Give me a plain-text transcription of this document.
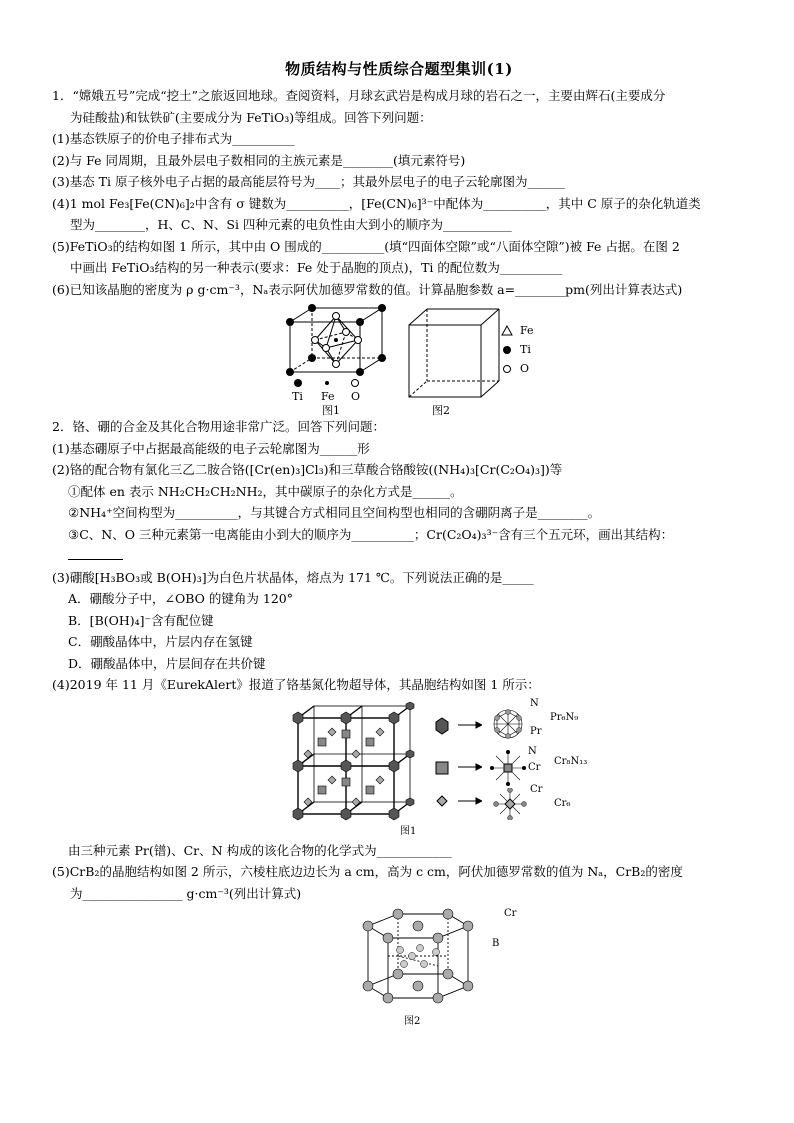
物质结构与性质综合题型集训(1)
1．“嫦娥五号”完成“挖土”之旅返回地球。查阅资料，月球玄武岩是构成月球的岩石之一，主要由辉石(主要成分
为硅酸盐)和钛铁矿(主要成分为 FeTiO₃)等组成。回答下列问题：
(1)基态铁原子的价电子排布式为__________
(2)与 Fe 同周期，且最外层电子数相同的主族元素是________(填元素符号)
(3)基态 Ti 原子核外电子占据的最高能层符号为____；其最外层电子的电子云轮廓图为______
(4)1 mol Fe₃[Fe(CN)₆]₂中含有 σ 键数为__________，[Fe(CN)₆]³⁻中配体为__________，其中 C 原子的杂化轨道类
型为________，H、C、N、Si 四种元素的电负性由大到小的顺序为___________
(5)FeTiO₃的结构如图 1 所示，其中由 O 围成的__________(填“四面体空隙”或“八面体空隙”)被 Fe 占据。在图 2
中画出 FeTiO₃结构的另一种表示(要求：Fe 处于晶胞的顶点)，Ti 的配位数为__________
(6)已知该晶胞的密度为 ρ g·cm⁻³，Nₐ表示阿伏加德罗常数的值。计算晶胞参数 a=________pm(列出计算表达式)
Ti Fe O
图1	图2
Fe
Ti
O
2．铬、硼的合金及其化合物用途非常广泛。回答下列问题：
(1)基态硼原子中占据最高能级的电子云轮廓图为______形
(2)铬的配合物有氯化三乙二胺合铬([Cr(en)₃]Cl₃)和三草酸合铬酸铵((NH₄)₃[Cr(C₂O₄)₃])等
①配体 en 表示 NH₂CH₂CH₂NH₂，其中碳原子的杂化方式是______。
②NH₄⁺空间构型为__________，与其键合方式相同且空间构型也相同的含硼阴离子是________。
③C、N、O 三种元素第一电离能由小到大的顺序为__________；Cr(C₂O₄)₃³⁻含有三个五元环，画出其结构：
(3)硼酸[H₃BO₃或 B(OH)₃]为白色片状晶体，熔点为 171 ℃。下列说法正确的是_____
A．硼酸分子中，∠OBO 的键角为 120°
B．[B(OH)₄]⁻含有配位键
C．硼酸晶体中，片层内存在氢键
D．硼酸晶体中，片层间存在共价键
(4)2019 年 11 月《EurekAlert》报道了铬基氮化物超导体，其晶胞结构如图 1 所示：
N
Pr
Pr₆N₉
N
Cr
Cr₈N₁₃
Cr
Cr₆
图1
由三种元素 Pr(镨)、Cr、N 构成的该化合物的化学式为____________
(5)CrB₂的晶胞结构如图 2 所示，六棱柱底边边长为 a cm，高为 c cm，阿伏加德罗常数的值为 Nₐ，CrB₂的密度
为________________ g·cm⁻³(列出计算式)
Cr
B
图2
